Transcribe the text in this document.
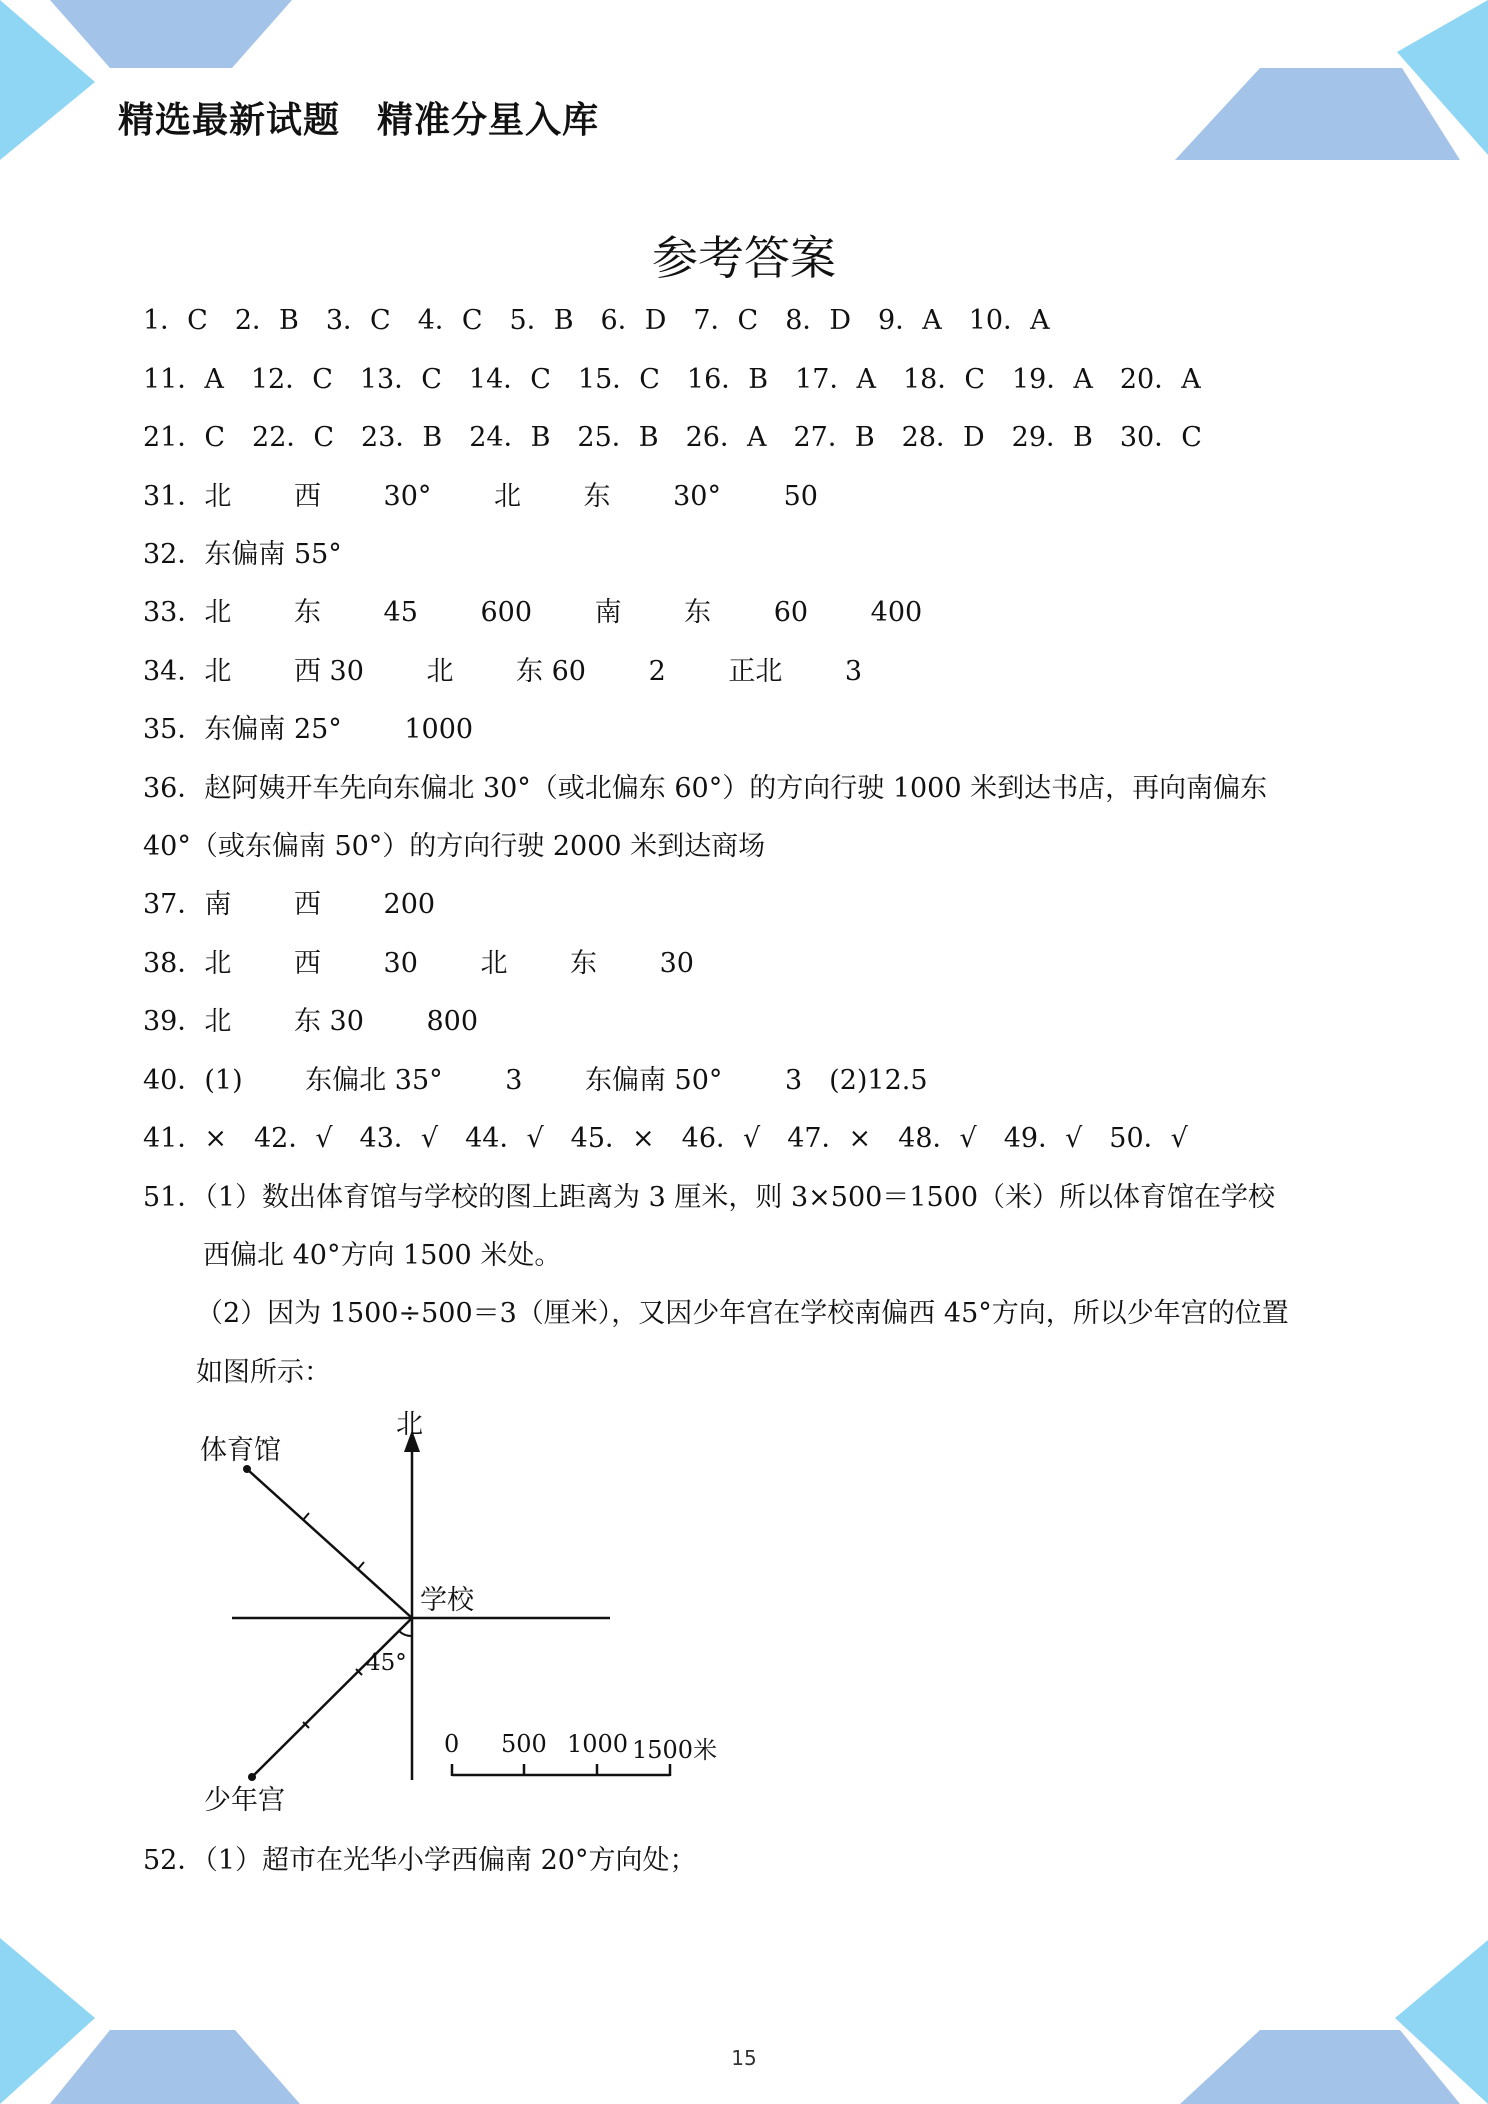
精选最新试题　精准分星入库
参考答案
1．C　2．B　3．C　4．C　5．B　6．D　7．C　8．D　9．A　10．A
11．A　12．C　13．C　14．C　15．C　16．B　17．A　18．C　19．A　20．A
21．C　22．C　23．B　24．B　25．B　26．A　27．B　28．D　29．B　30．C
31．北　　 西　　 30°　　 北　　 东　　 30°　　 50
32．东偏南 55°
33．北　　 东　　 45　　 600　　 南　　 东　　 60　　 400
34．北　　 西 30　　 北　　 东 60　　 2　　 正北　　 3
35．东偏南 25°　　 1000
36．赵阿姨开车先向东偏北 30°（或北偏东 60°）的方向行驶 1000 米到达书店，再向南偏东
40°（或东偏南 50°）的方向行驶 2000 米到达商场
37．南　　 西　　 200
38．北　　 西　　 30　　 北　　 东　　 30
39．北　　 东 30　　 800
40．(1)　　 东偏北 35°　　 3　　 东偏南 50°　　 3　(2)12.5
41．×　42．√　43．√　44．√　45．×　46．√　47．×　48．√　49．√　50．√
51．（1）数出体育馆与学校的图上距离为 3 厘米，则 3×500＝1500（米）所以体育馆在学校
西偏北 40°方向 1500 米处。
（2）因为 1500÷500＝3（厘米），又因少年宫在学校南偏西 45°方向，所以少年宫的位置
如图所示：
北
体育馆
学校
45°
少年宫
0 500 1000 1500米
52．（1）超市在光华小学西偏南 20°方向处；
15
